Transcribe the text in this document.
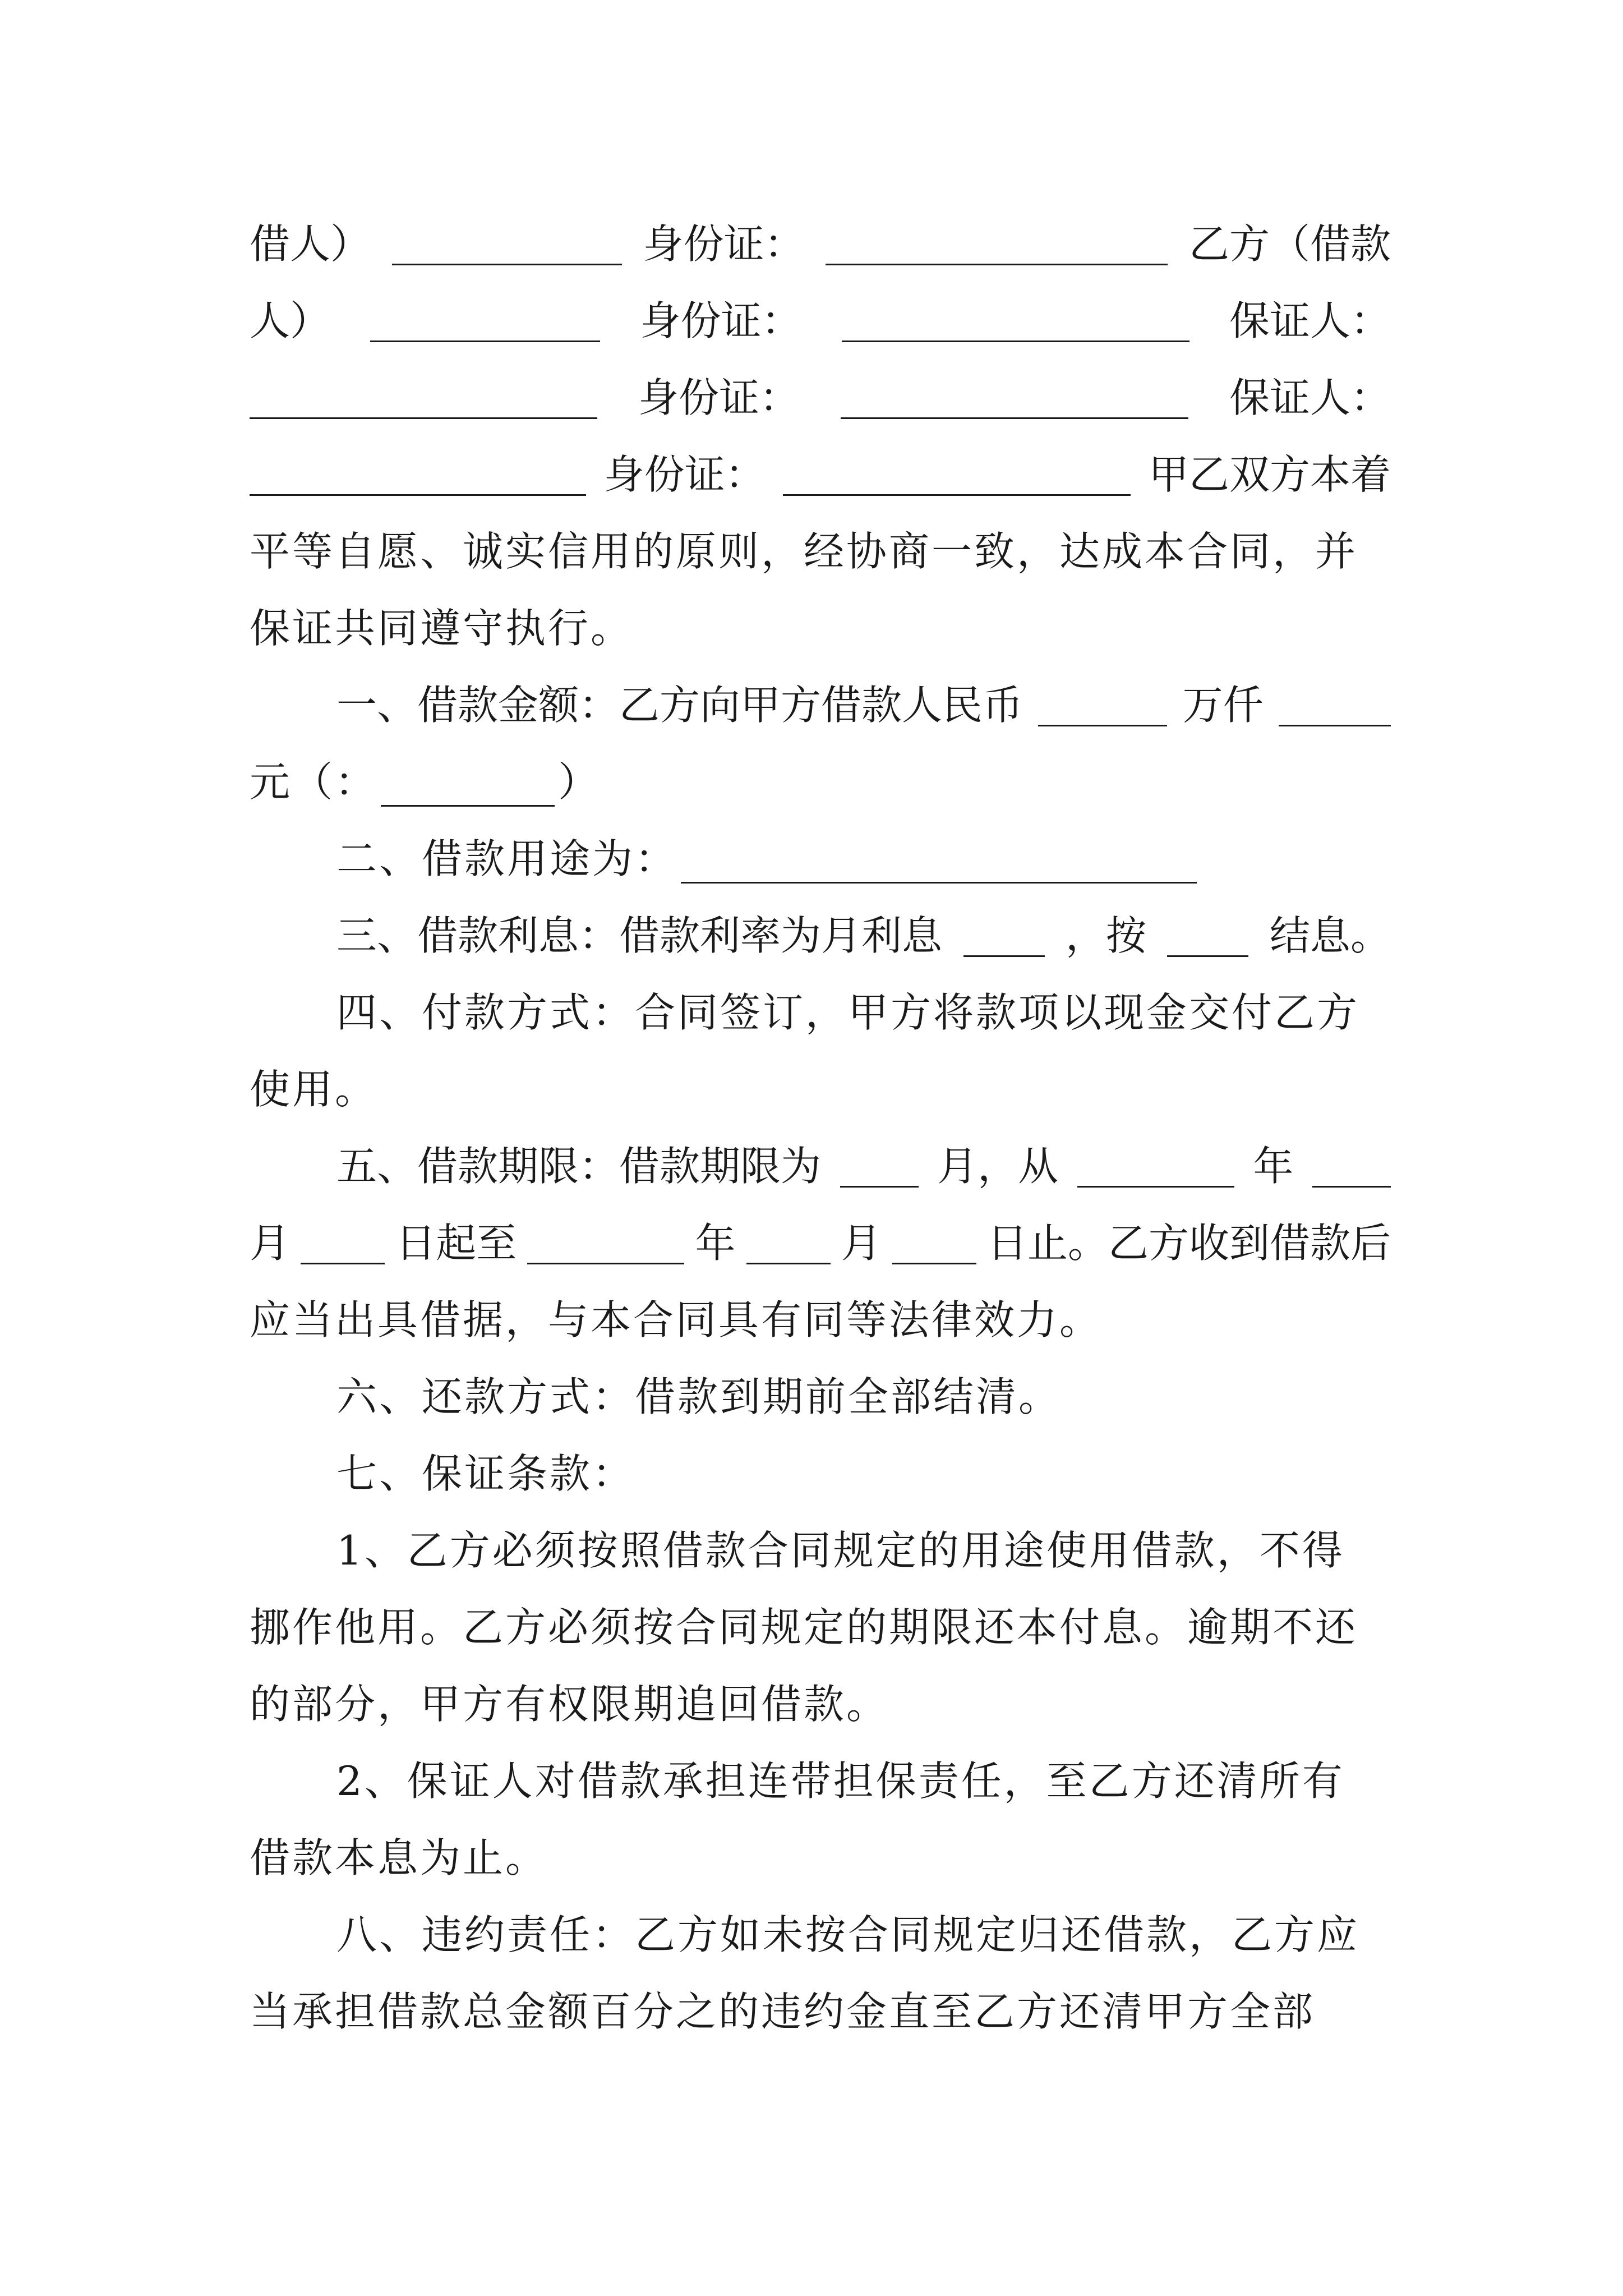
借人）	身份证：	乙方（借款
人）	身份证：	保证人：
身份证：	保证人：
身份证：	甲乙双方本着
平等自愿、诚实信用的原则，经协商一致，达成本合同，并
保证共同遵守执行。
一、借款金额：乙方向甲方借款人民币	万仟
元（：	）
二、借款用途为：
三、借款利息：借款利率为月利息	，按	结息。
四、付款方式：合同签订，甲方将款项以现金交付乙方
使用。
五、借款期限：借款期限为	月，从	年
月	日起至	年	月	日止。乙方收到借款后
应当出具借据，与本合同具有同等法律效力。
六、还款方式：借款到期前全部结清。
七、保证条款：
1、乙方必须按照借款合同规定的用途使用借款，不得
挪作他用。乙方必须按合同规定的期限还本付息。逾期不还
的部分，甲方有权限期追回借款。
2、保证人对借款承担连带担保责任，至乙方还清所有
借款本息为止。
八、违约责任：乙方如未按合同规定归还借款，乙方应
当承担借款总金额百分之的违约金直至乙方还清甲方全部
